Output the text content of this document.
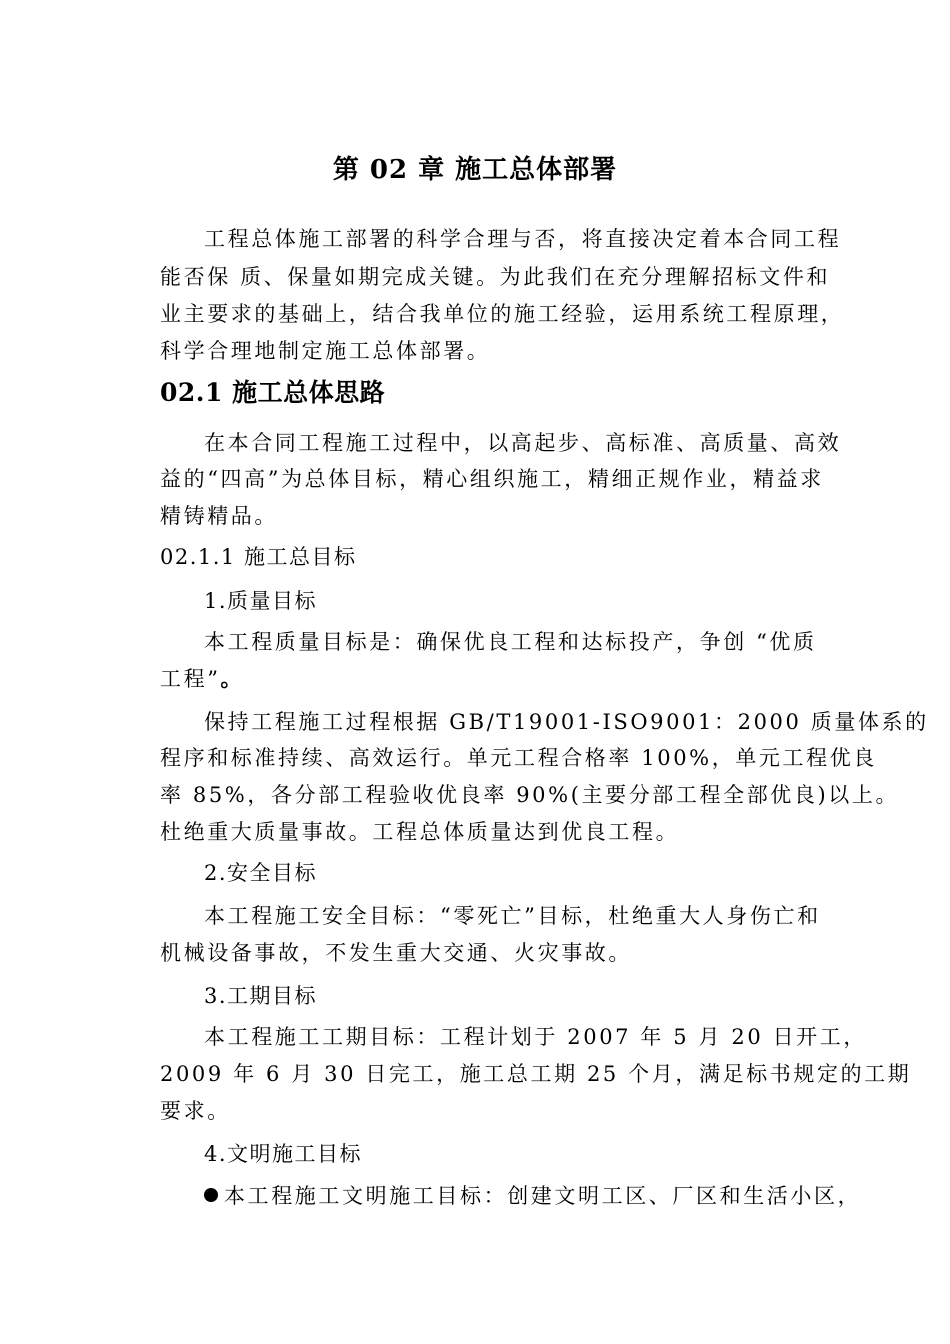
第 02 章 施工总体部署
工程总体施工部署的科学合理与否，将直接决定着本合同工程
能否保 质、保量如期完成关键。为此我们在充分理解招标文件和
业主要求的基础上，结合我单位的施工经验，运用系统工程原理，
科学合理地制定施工总体部署。
02.1 施工总体思路
在本合同工程施工过程中，以高起步、高标准、高质量、高效
益的“四高”为总体目标，精心组织施工，精细正规作业，精益求
精铸精品。
02.1.1 施工总目标
1.质量目标
本工程质量目标是：确保优良工程和达标投产，争创 “优质
工程”。
保持工程施工过程根据 GB/T19001-ISO9001：2000 质量体系的
程序和标准持续、高效运行。单元工程合格率 100%，单元工程优良
率 85%，各分部工程验收优良率 90%(主要分部工程全部优良)以上。
杜绝重大质量事故。工程总体质量达到优良工程。
2.安全目标
本工程施工安全目标：“零死亡”目标，杜绝重大人身伤亡和
机械设备事故，不发生重大交通、火灾事故。
3.工期目标
本工程施工工期目标：工程计划于 2007 年 5 月 20 日开工，
2009 年 6 月 30 日完工，施工总工期 25 个月，满足标书规定的工期
要求。
4.文明施工目标
本工程施工文明施工目标：创建文明工区、厂区和生活小区，
